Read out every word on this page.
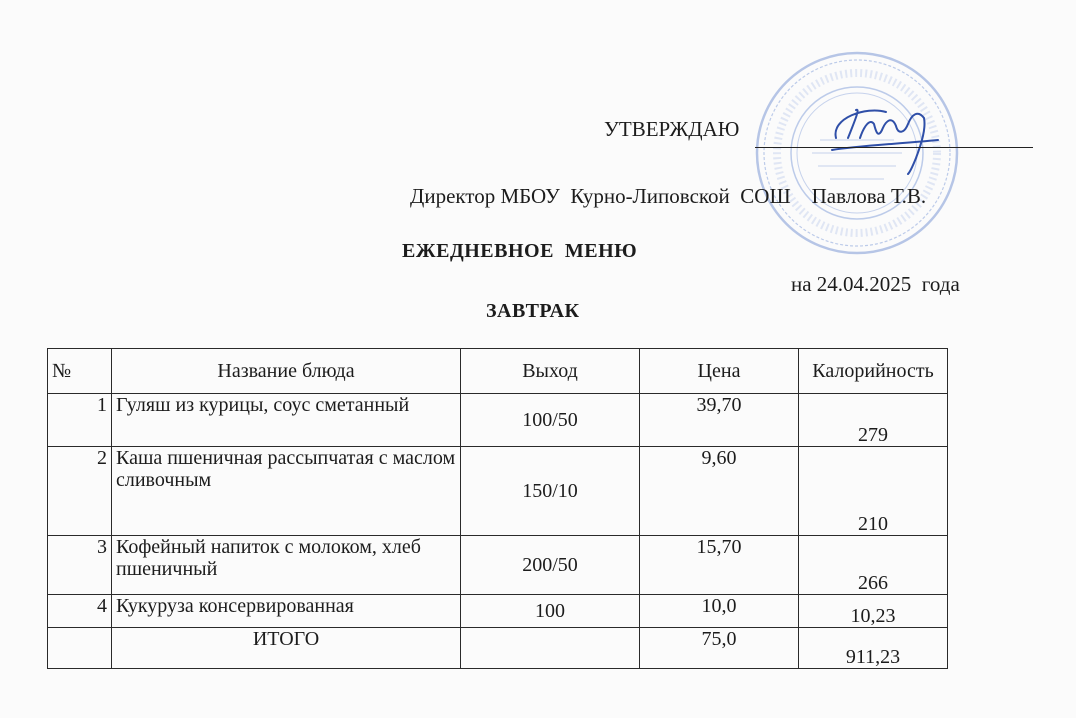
УТВЕРЖДАЮ
Директор МБОУ  Курно-Липовской  СОШ Павлова Т.В.
ЕЖЕДНЕВНОЕ  МЕНЮ
на 24.04.2025  года
ЗАВТРАК
№	Название блюда	Выход	Цена	Калорийность
1	Гуляш из курицы, соус сметанный	100/50	39,70	279
2	Каша пшеничная рассыпчатая с маслом сливочным	150/10	9,60	210
3	Кофейный напиток с молоком, хлеб пшеничный	200/50	15,70	266
4	Кукуруза консервированная	100	10,0	10,23
	ИТОГО		75,0	911,23
